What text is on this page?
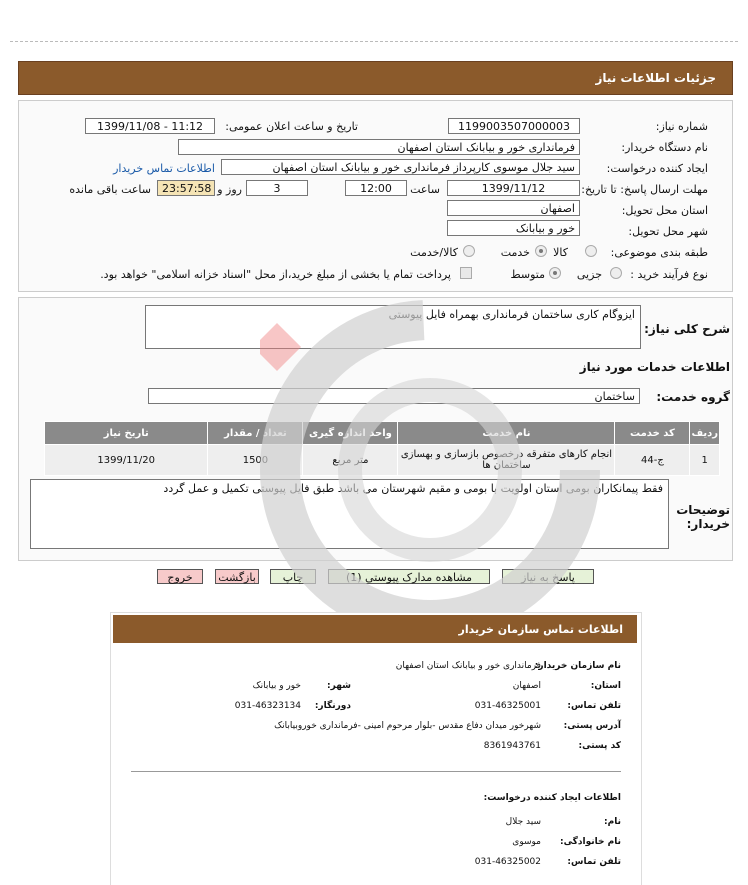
جزئیات اطلاعات نیاز
شماره نیاز:
1199003507000003
تاریخ و ساعت اعلان عمومی:
1399/11/08 - 11:12
نام دستگاه خریدار:
فرمانداری خور و بیابانک استان اصفهان
ایجاد کننده درخواست:
سید جلال موسوی کارپرداز فرمانداری خور و بیابانک استان اصفهان
اطلاعات تماس خریدار
مهلت ارسال پاسخ: تا تاریخ:
1399/11/12
ساعت
12:00
3
روز و
23:57:58
ساعت باقی مانده
استان محل تحویل:
اصفهان
شهر محل تحویل:
خور و بیابانک
طبقه بندی موضوعی:
کالا
خدمت
کالا/خدمت
نوع فرآیند خرید :
جزیی
متوسط
پرداخت تمام یا بخشی از مبلغ خرید،از محل "اسناد خزانه اسلامی" خواهد بود.
شرح کلی نیاز:
ایزوگام کاری ساختمان فرمانداری بهمراه فایل پیوستی
اطلاعات خدمات مورد نیاز
گروه خدمت:
ساختمان
ردیف	کد خدمت	نام خدمت	واحد اندازه گیری	تعداد / مقدار	تاریخ نیاز
1	ج-44	انجام کارهای متفرقه درخصوص بازسازی و بهسازی ساختمان ها	متر مربع	1500	1399/11/20
توضیحات خریدار:
فقط پیمانکاران بومی استان اولویت با بومی و مقیم شهرستان می باشد طبق فایل پیوستی تکمیل و عمل گردد
پاسخ به نیاز
مشاهده مدارک پیوستی (1)
چاپ
بازگشت
خروج
اطلاعات تماس سازمان خریدار
نام سازمان خریدار:
فرمانداری خور و بیابانک استان اصفهان
استان:
اصفهان
شهر:
خور و بیابانک
تلفن تماس:
031-46325001
دورنگار:
031-46323134
آدرس پستی:
شهرخور میدان دفاع مقدس -بلوار مرحوم امینی -فرمانداری خوروبیابانک
کد پستی:
8361943761
اطلاعات ایجاد کننده درخواست:
نام:
سید جلال
نام خانوادگی:
موسوی
تلفن تماس:
031-46325002
